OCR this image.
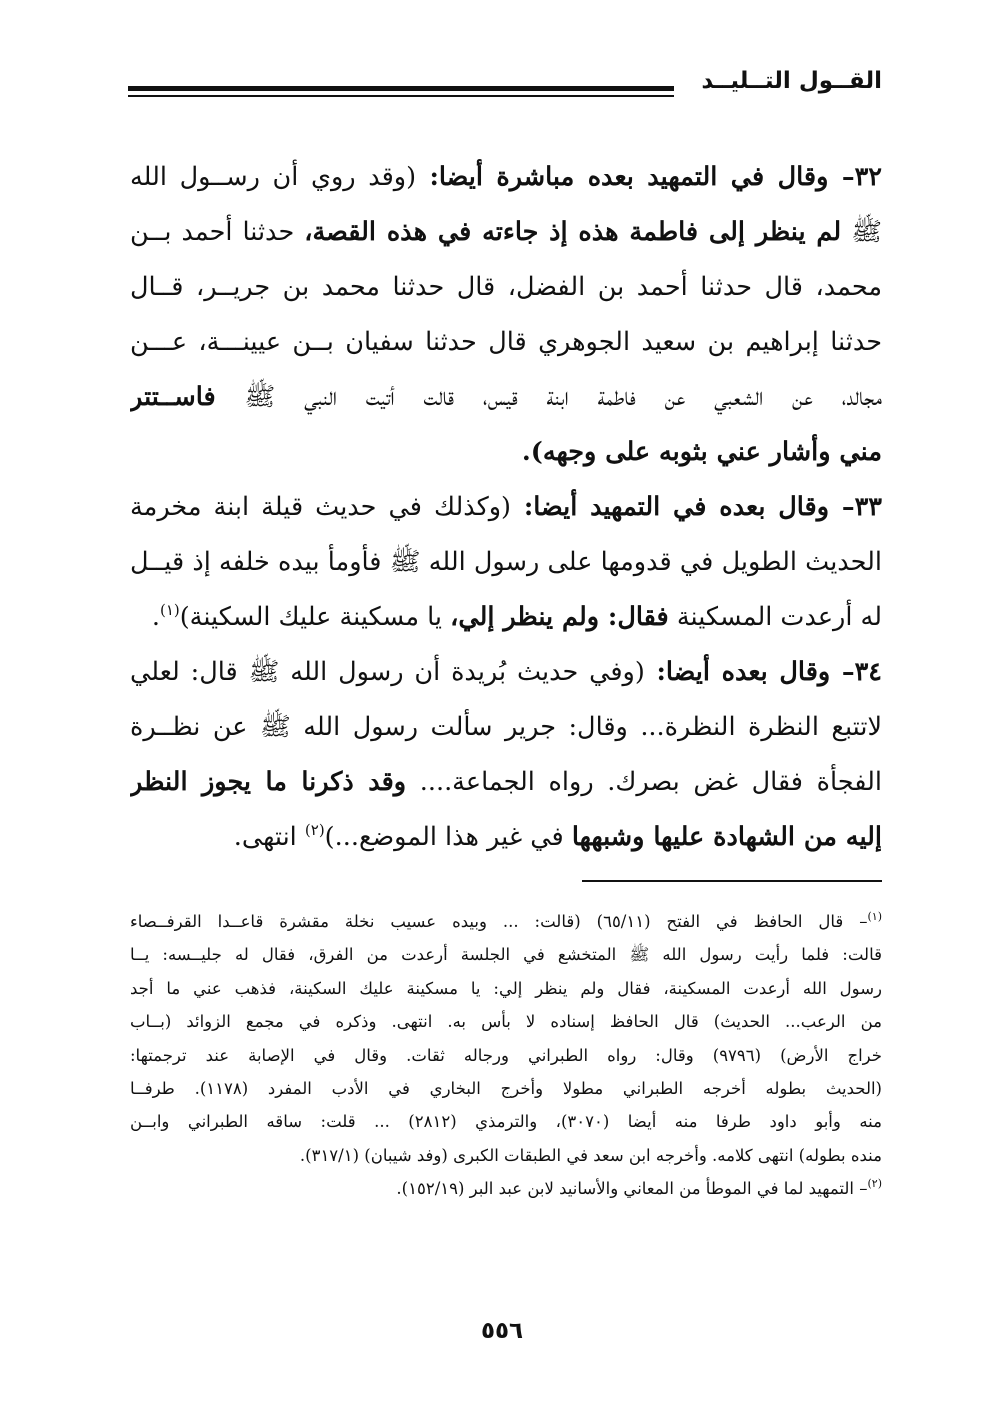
القــول التــليــد
٣٢– وقال في التمهيد بعده مباشرة أيضا: (وقد روي أن رســول الله
ﷺ لم ينظر إلى فاطمة هذه إذ جاءته في هذه القصة، حدثنا أحمد بــن
محمد، قال حدثنا أحمد بن الفضل، قال حدثنا محمد بن جريــر، قــال
حدثنا إبراهيم بن سعيد الجوهري قال حدثنا سفيان بــن عيينـــة، عـــن
مجالد، عن الشعبي عن فاطمة ابنة قيس، قالت أتيت النبي ﷺ فاســتتر
مني وأشار عني بثوبه على وجهه).
٣٣– وقال بعده في التمهيد أيضا: (وكذلك في حديث قيلة ابنة مخرمة
الحديث الطويل في قدومها على رسول الله ﷺ فأومأ بيده خلفه إذ قيــل
له أرعدت المسكينة فقال: ولم ينظر إلي، يا مسكينة عليك السكينة)$^{(١)}$.
٣٤– وقال بعده أيضا: (وفي حديث بُريدة أن رسول الله ﷺ قال: لعلي
لاتتبع النظرة النظرة... وقال: جرير سألت رسول الله ﷺ عن نظــرة
الفجأة فقال غض بصرك. رواه الجماعة.... وقد ذكرنا ما يجوز النظر
إليه من الشهادة عليها وشبهها في غير هذا الموضع...)$^{(٢)}$ انتهى.
$^{(١)}$– قال الحافظ في الفتح (٦٥/١١) (قالت: ... وبيده عسيب نخلة مقشرة قاعــدا القرفــصاء
قالت: فلما رأيت رسول الله ﷺ المتخشع في الجلسة أرعدت من الفرق، فقال له جليــسه: يــا
رسول الله أرعدت المسكينة، فقال ولم ينظر إلي: يا مسكينة عليك السكينة، فذهب عني ما أجد
من الرعب... الحديث) قال الحافظ إسناده لا بأس به. انتهى. وذكره في مجمع الزوائد (بــاب
خراج الأرض) (٩٧٩٦) وقال: رواه الطبراني ورجاله ثقات. وقال في الإصابة عند ترجمتها:
(الحديث بطوله أخرجه الطبراني مطولا وأخرج البخاري في الأدب المفرد (١١٧٨). طرفــا
منه وأبو داود طرفا منه أيضا (٣٠٧٠)، والترمذي (٢٨١٢) ... قلت: ساقه الطبراني وابــن
منده بطوله) انتهى كلامه. وأخرجه ابن سعد في الطبقات الكبرى (وفد شيبان) (٣١٧/١).
$^{(٢)}$– التمهيد لما في الموطأ من المعاني والأسانيد لابن عبد البر (١٥٢/١٩).
٥٥٦
